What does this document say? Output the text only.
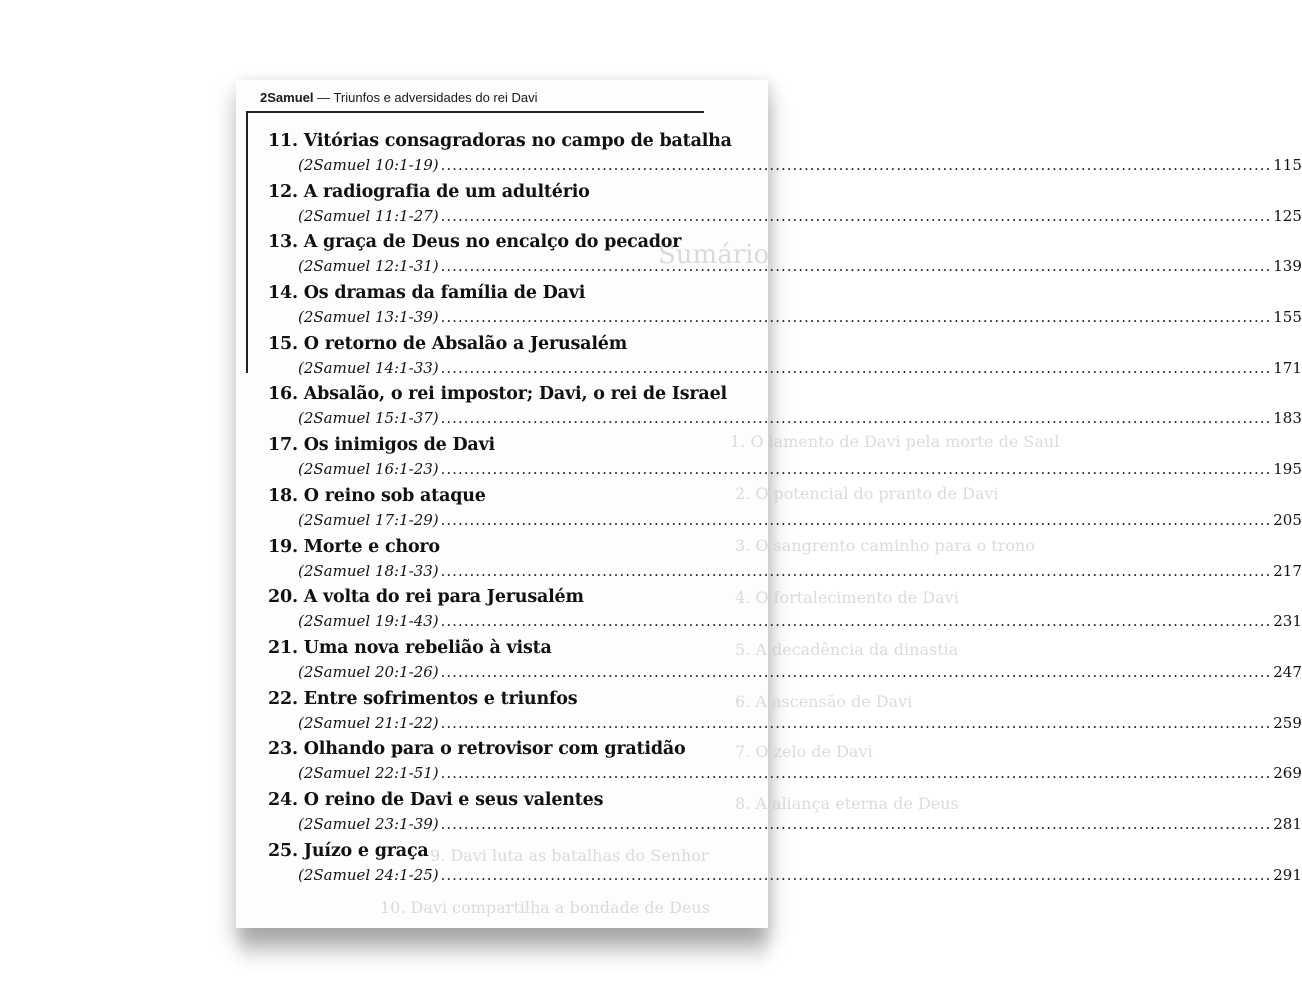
Sumário
1. O lamento de Davi pela morte de Saul
2. O potencial do pranto de Davi
3. O sangrento caminho para o trono
4. O fortalecimento de Davi
5. A decadência da dinastia
6. A ascensão de Davi
7. O zelo de Davi
8. A aliança eterna de Deus
9. Davi luta as batalhas do Senhor
10. Davi compartilha a bondade de Deus
2Samuel — Triunfos e adversidades do rei Davi
11. Vitórias consagradoras no campo de batalha
(2Samuel 10:1-19) .....	115
12. A radiografia de um adultério
(2Samuel 11:1-27) .....	125
13. A graça de Deus no encalço do pecador
(2Samuel 12:1-31) .....	139
14. Os dramas da família de Davi
(2Samuel 13:1-39) .....	155
15. O retorno de Absalão a Jerusalém
(2Samuel 14:1-33) .....	171
16. Absalão, o rei impostor; Davi, o rei de Israel
(2Samuel 15:1-37) .....	183
17. Os inimigos de Davi
(2Samuel 16:1-23) .....	195
18. O reino sob ataque
(2Samuel 17:1-29) .....	205
19. Morte e choro
(2Samuel 18:1-33) .....	217
20. A volta do rei para Jerusalém
(2Samuel 19:1-43) .....	231
21. Uma nova rebelião à vista
(2Samuel 20:1-26) .....	247
22. Entre sofrimentos e triunfos
(2Samuel 21:1-22) .....	259
23. Olhando para o retrovisor com gratidão
(2Samuel 22:1-51) .....	269
24. O reino de Davi e seus valentes
(2Samuel 23:1-39) .....	281
25. Juízo e graça
(2Samuel 24:1-25) .....	291
